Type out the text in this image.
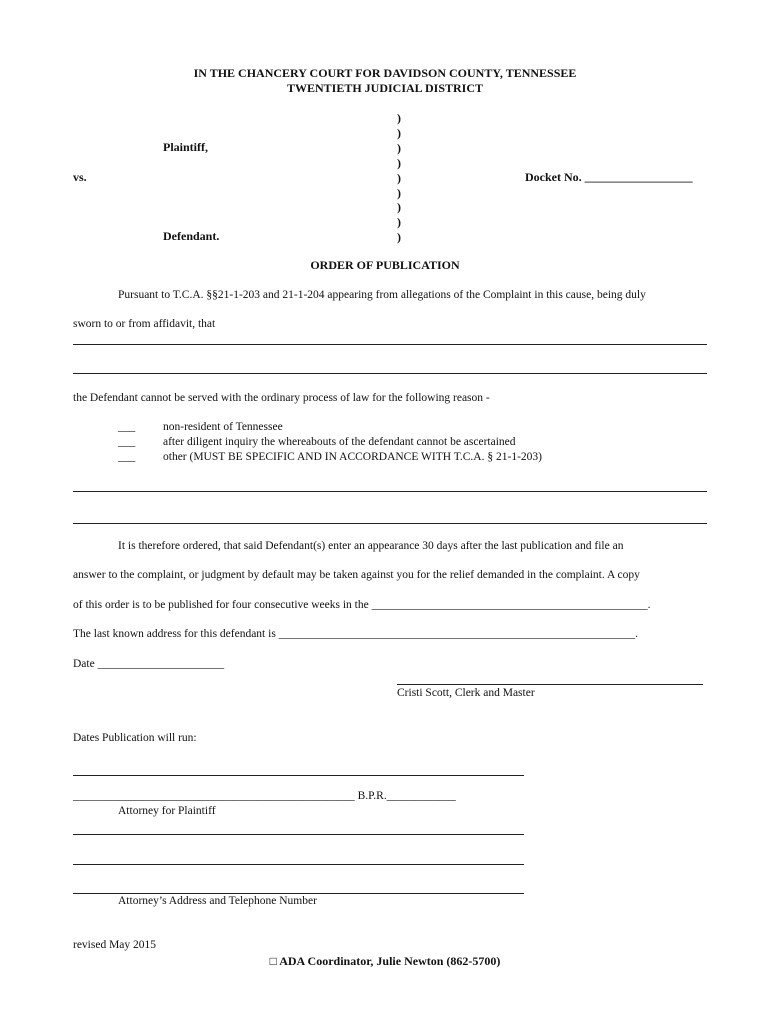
IN THE CHANCERY COURT FOR DAVIDSON COUNTY, TENNESSEE
TWENTIETH JUDICIAL DISTRICT
)
)
)
)
)
)
)
)
)
Plaintiff,
vs.	Docket No. __________________
Defendant.
ORDER OF PUBLICATION
Pursuant to T.C.A. §§21-1-203 and 21-1-204 appearing from allegations of the Complaint in this cause, being duly
sworn to or from affidavit, that
the Defendant cannot be served with the ordinary process of law for the following reason -
___ non-resident of Tennessee
___ after diligent inquiry the whereabouts of the defendant cannot be ascertained
___ other (MUST BE SPECIFIC AND IN ACCORDANCE WITH T.C.A. § 21-1-203)
It is therefore ordered, that said Defendant(s) enter an appearance 30 days after the last publication and file an
answer to the complaint, or judgment by default may be taken against you for the relief demanded in the complaint. A copy
of this order is to be published for four consecutive weeks in the ________________________________________________.
The last known address for this defendant is ______________________________________________________________.
Date ______________________
Cristi Scott, Clerk and Master
Dates Publication will run:
_________________________________________________ B.P.R.____________
Attorney for Plaintiff
Attorney’s Address and Telephone Number
revised May 2015
□ ADA Coordinator, Julie Newton (862-5700)
